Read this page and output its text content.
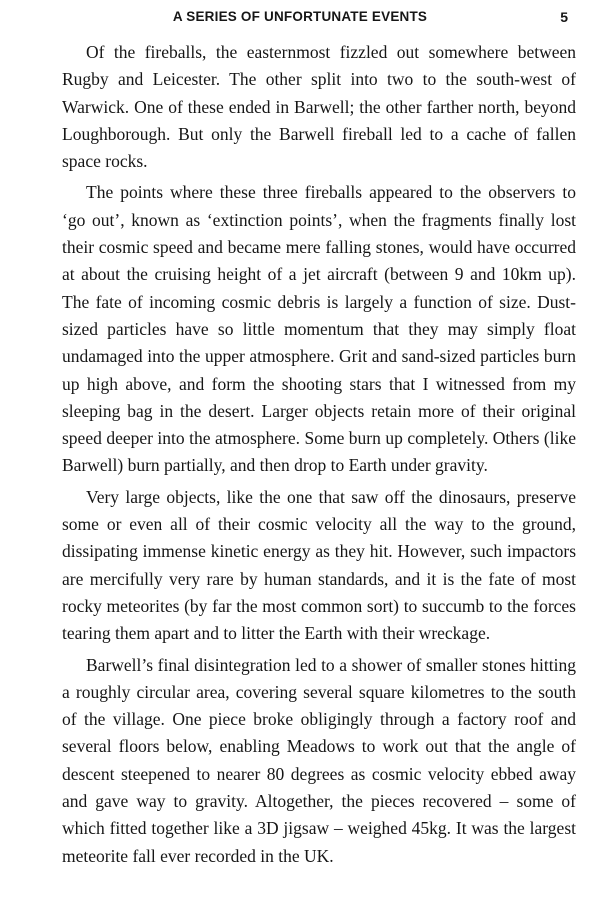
A SERIES OF UNFORTUNATE EVENTS	5

Of the fireballs, the easternmost fizzled out somewhere between Rugby and Leicester. The other split into two to the south-west of Warwick. One of these ended in Barwell; the other farther north, beyond Loughborough. But only the Barwell fireball led to a cache of fallen space rocks.

The points where these three fireballs appeared to the observers to ‘go out’, known as ‘extinction points’, when the fragments finally lost their cosmic speed and became mere falling stones, would have occurred at about the cruising height of a jet aircraft (between 9 and 10km up). The fate of incoming cosmic debris is largely a function of size. Dust-sized particles have so little momentum that they may simply float undamaged into the upper atmosphere. Grit and sand-sized particles burn up high above, and form the shooting stars that I witnessed from my sleeping bag in the desert. Larger objects retain more of their original speed deeper into the atmosphere. Some burn up completely. Others (like Barwell) burn partially, and then drop to Earth under gravity.

Very large objects, like the one that saw off the dinosaurs, preserve some or even all of their cosmic velocity all the way to the ground, dissipating immense kinetic energy as they hit. However, such impactors are mercifully very rare by human standards, and it is the fate of most rocky meteorites (by far the most common sort) to succumb to the forces tearing them apart and to litter the Earth with their wreckage.

Barwell’s final disintegration led to a shower of smaller stones hitting a roughly circular area, covering several square kilometres to the south of the village. One piece broke obligingly through a factory roof and several floors below, enabling Meadows to work out that the angle of descent steepened to nearer 80 degrees as cosmic velocity ebbed away and gave way to gravity. Altogether, the pieces recovered – some of which fitted together like a 3D jigsaw – weighed 45kg. It was the largest meteorite fall ever recorded in the UK.
